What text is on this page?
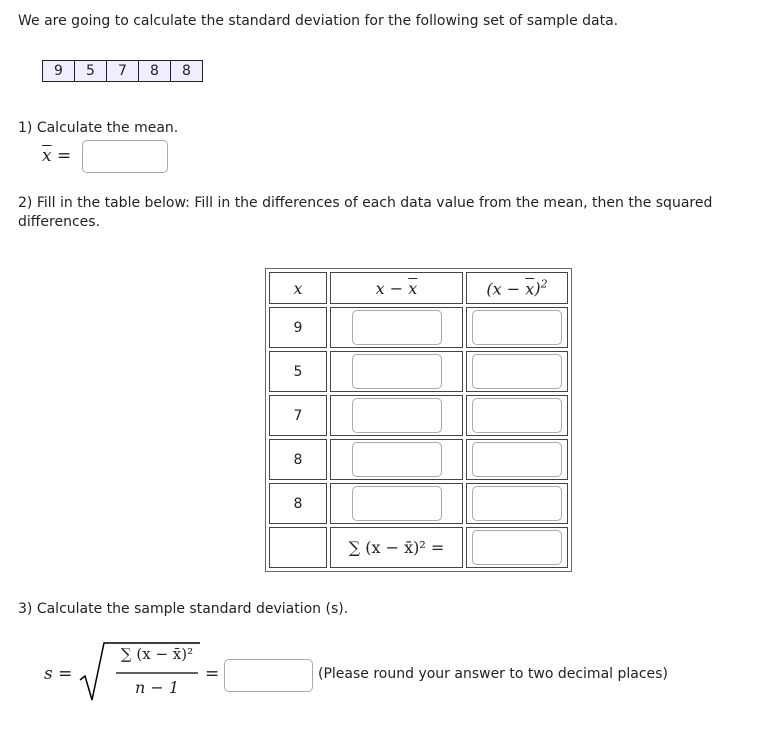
We are going to calculate the standard deviation for the following set of sample data.
9	5	7	8	8
1) Calculate the mean.
$\overline{x}$ =
2) Fill in the table below: Fill in the differences of each data value from the mean, then the squared differences.
x	$x - \overline{x}$	$(x - \overline{x})^2$
9		
5		
7		
8		
8		
	∑ (x − x̄)² =	
3) Calculate the sample standard deviation (s).
s =
∑ (x − x̄)²
n − 1
=	(Please round your answer to two decimal places)
